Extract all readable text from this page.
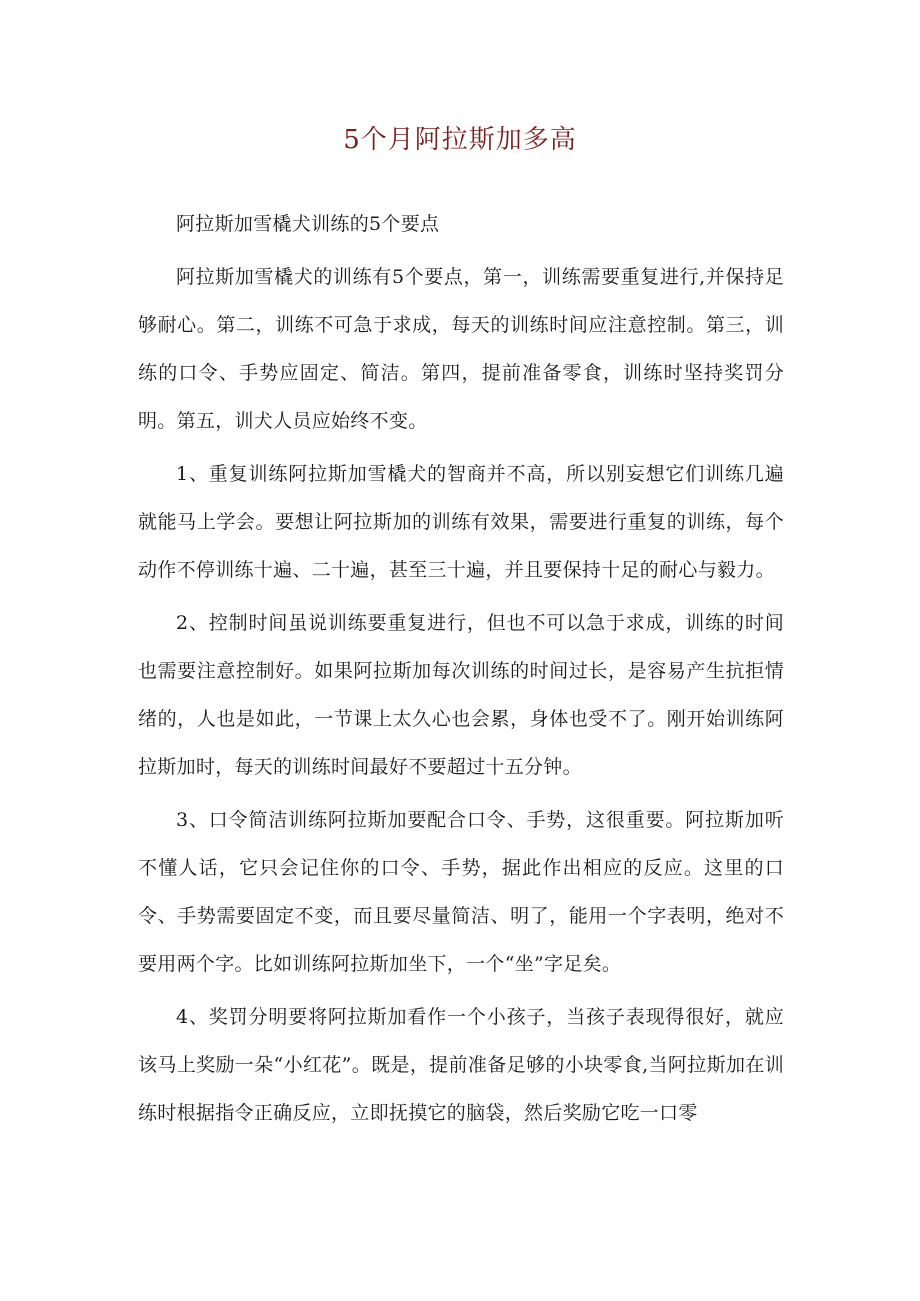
5个月阿拉斯加多高

阿拉斯加雪橇犬训练的5个要点

阿拉斯加雪橇犬的训练有5个要点，第一，训练需要重复进行,并保持足够耐心。第二，训练不可急于求成，每天的训练时间应注意控制。第三，训练的口令、手势应固定、简洁。第四，提前准备零食，训练时坚持奖罚分明。第五，训犬人员应始终不变。

1、重复训练阿拉斯加雪橇犬的智商并不高，所以别妄想它们训练几遍就能马上学会。要想让阿拉斯加的训练有效果，需要进行重复的训练，每个动作不停训练十遍、二十遍，甚至三十遍，并且要保持十足的耐心与毅力。

2、控制时间虽说训练要重复进行，但也不可以急于求成，训练的时间也需要注意控制好。如果阿拉斯加每次训练的时间过长，是容易产生抗拒情绪的，人也是如此，一节课上太久心也会累，身体也受不了。刚开始训练阿拉斯加时，每天的训练时间最好不要超过十五分钟。

3、口令简洁训练阿拉斯加要配合口令、手势，这很重要。阿拉斯加听不懂人话，它只会记住你的口令、手势，据此作出相应的反应。这里的口令、手势需要固定不变，而且要尽量简洁、明了，能用一个字表明，绝对不要用两个字。比如训练阿拉斯加坐下，一个“坐”字足矣。

4、奖罚分明要将阿拉斯加看作一个小孩子，当孩子表现得很好，就应该马上奖励一朵“小红花”。既是，提前准备足够的小块零食,当阿拉斯加在训练时根据指令正确反应，立即抚摸它的脑袋，然后奖励它吃一口零
